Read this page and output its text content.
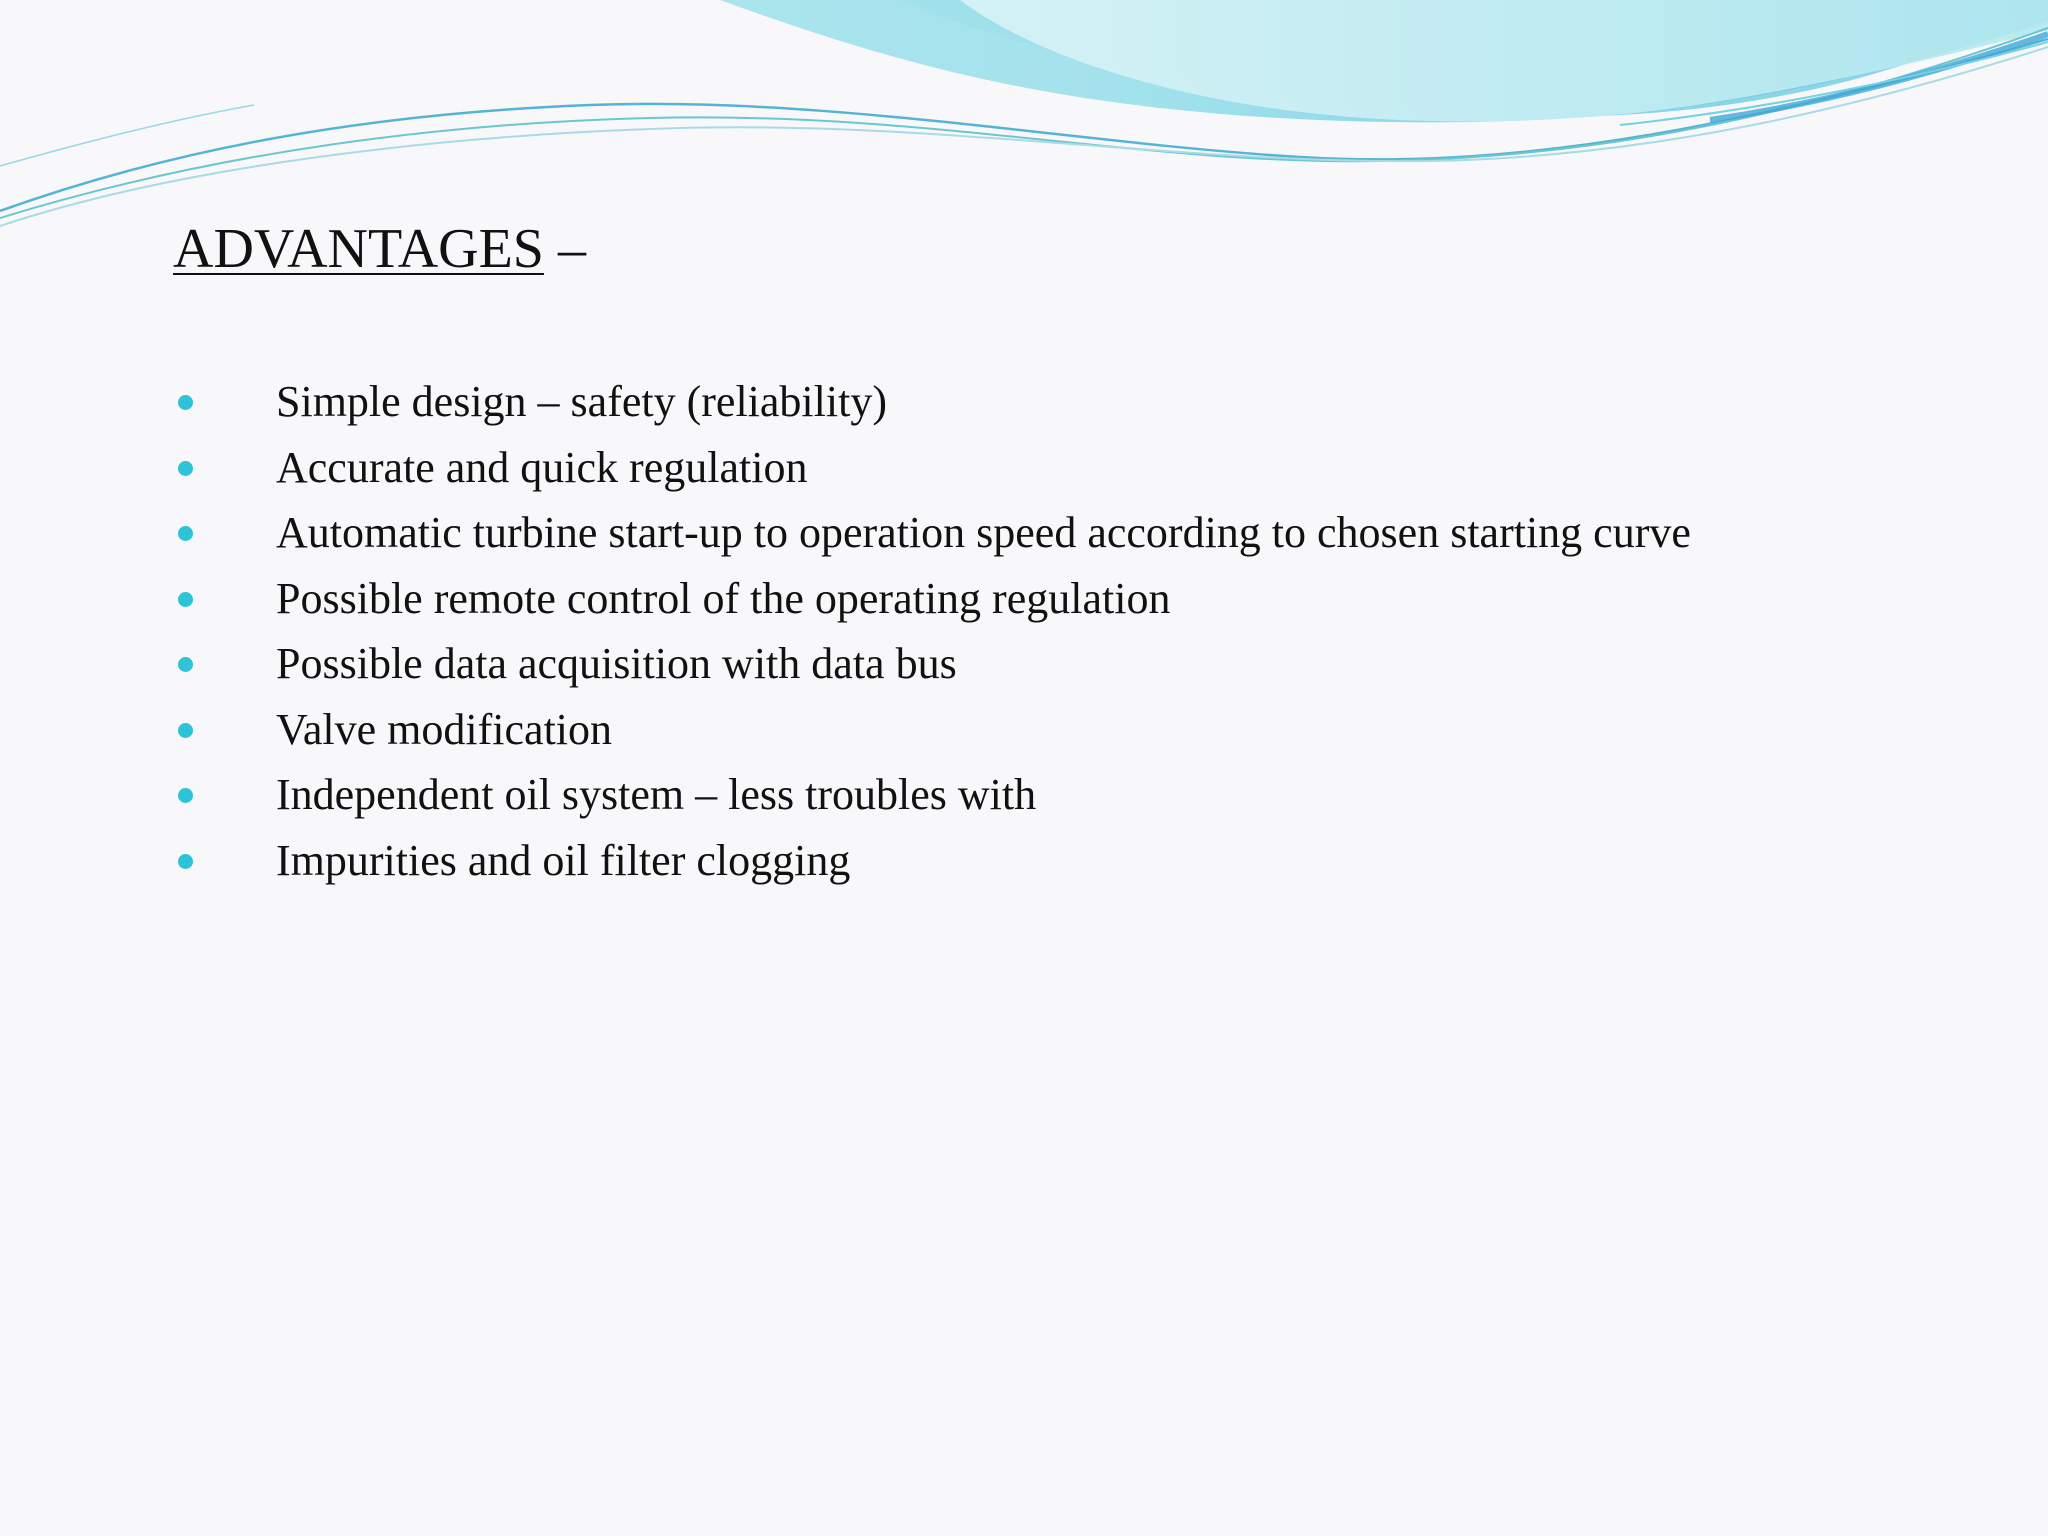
ADVANTAGES –
Simple design – safety (reliability)
Accurate and quick regulation
Automatic turbine start-up to operation speed according to chosen starting curve
Possible remote control of the operating regulation
Possible data acquisition with data bus
Valve modification
Independent oil system – less troubles with
Impurities and oil filter clogging
